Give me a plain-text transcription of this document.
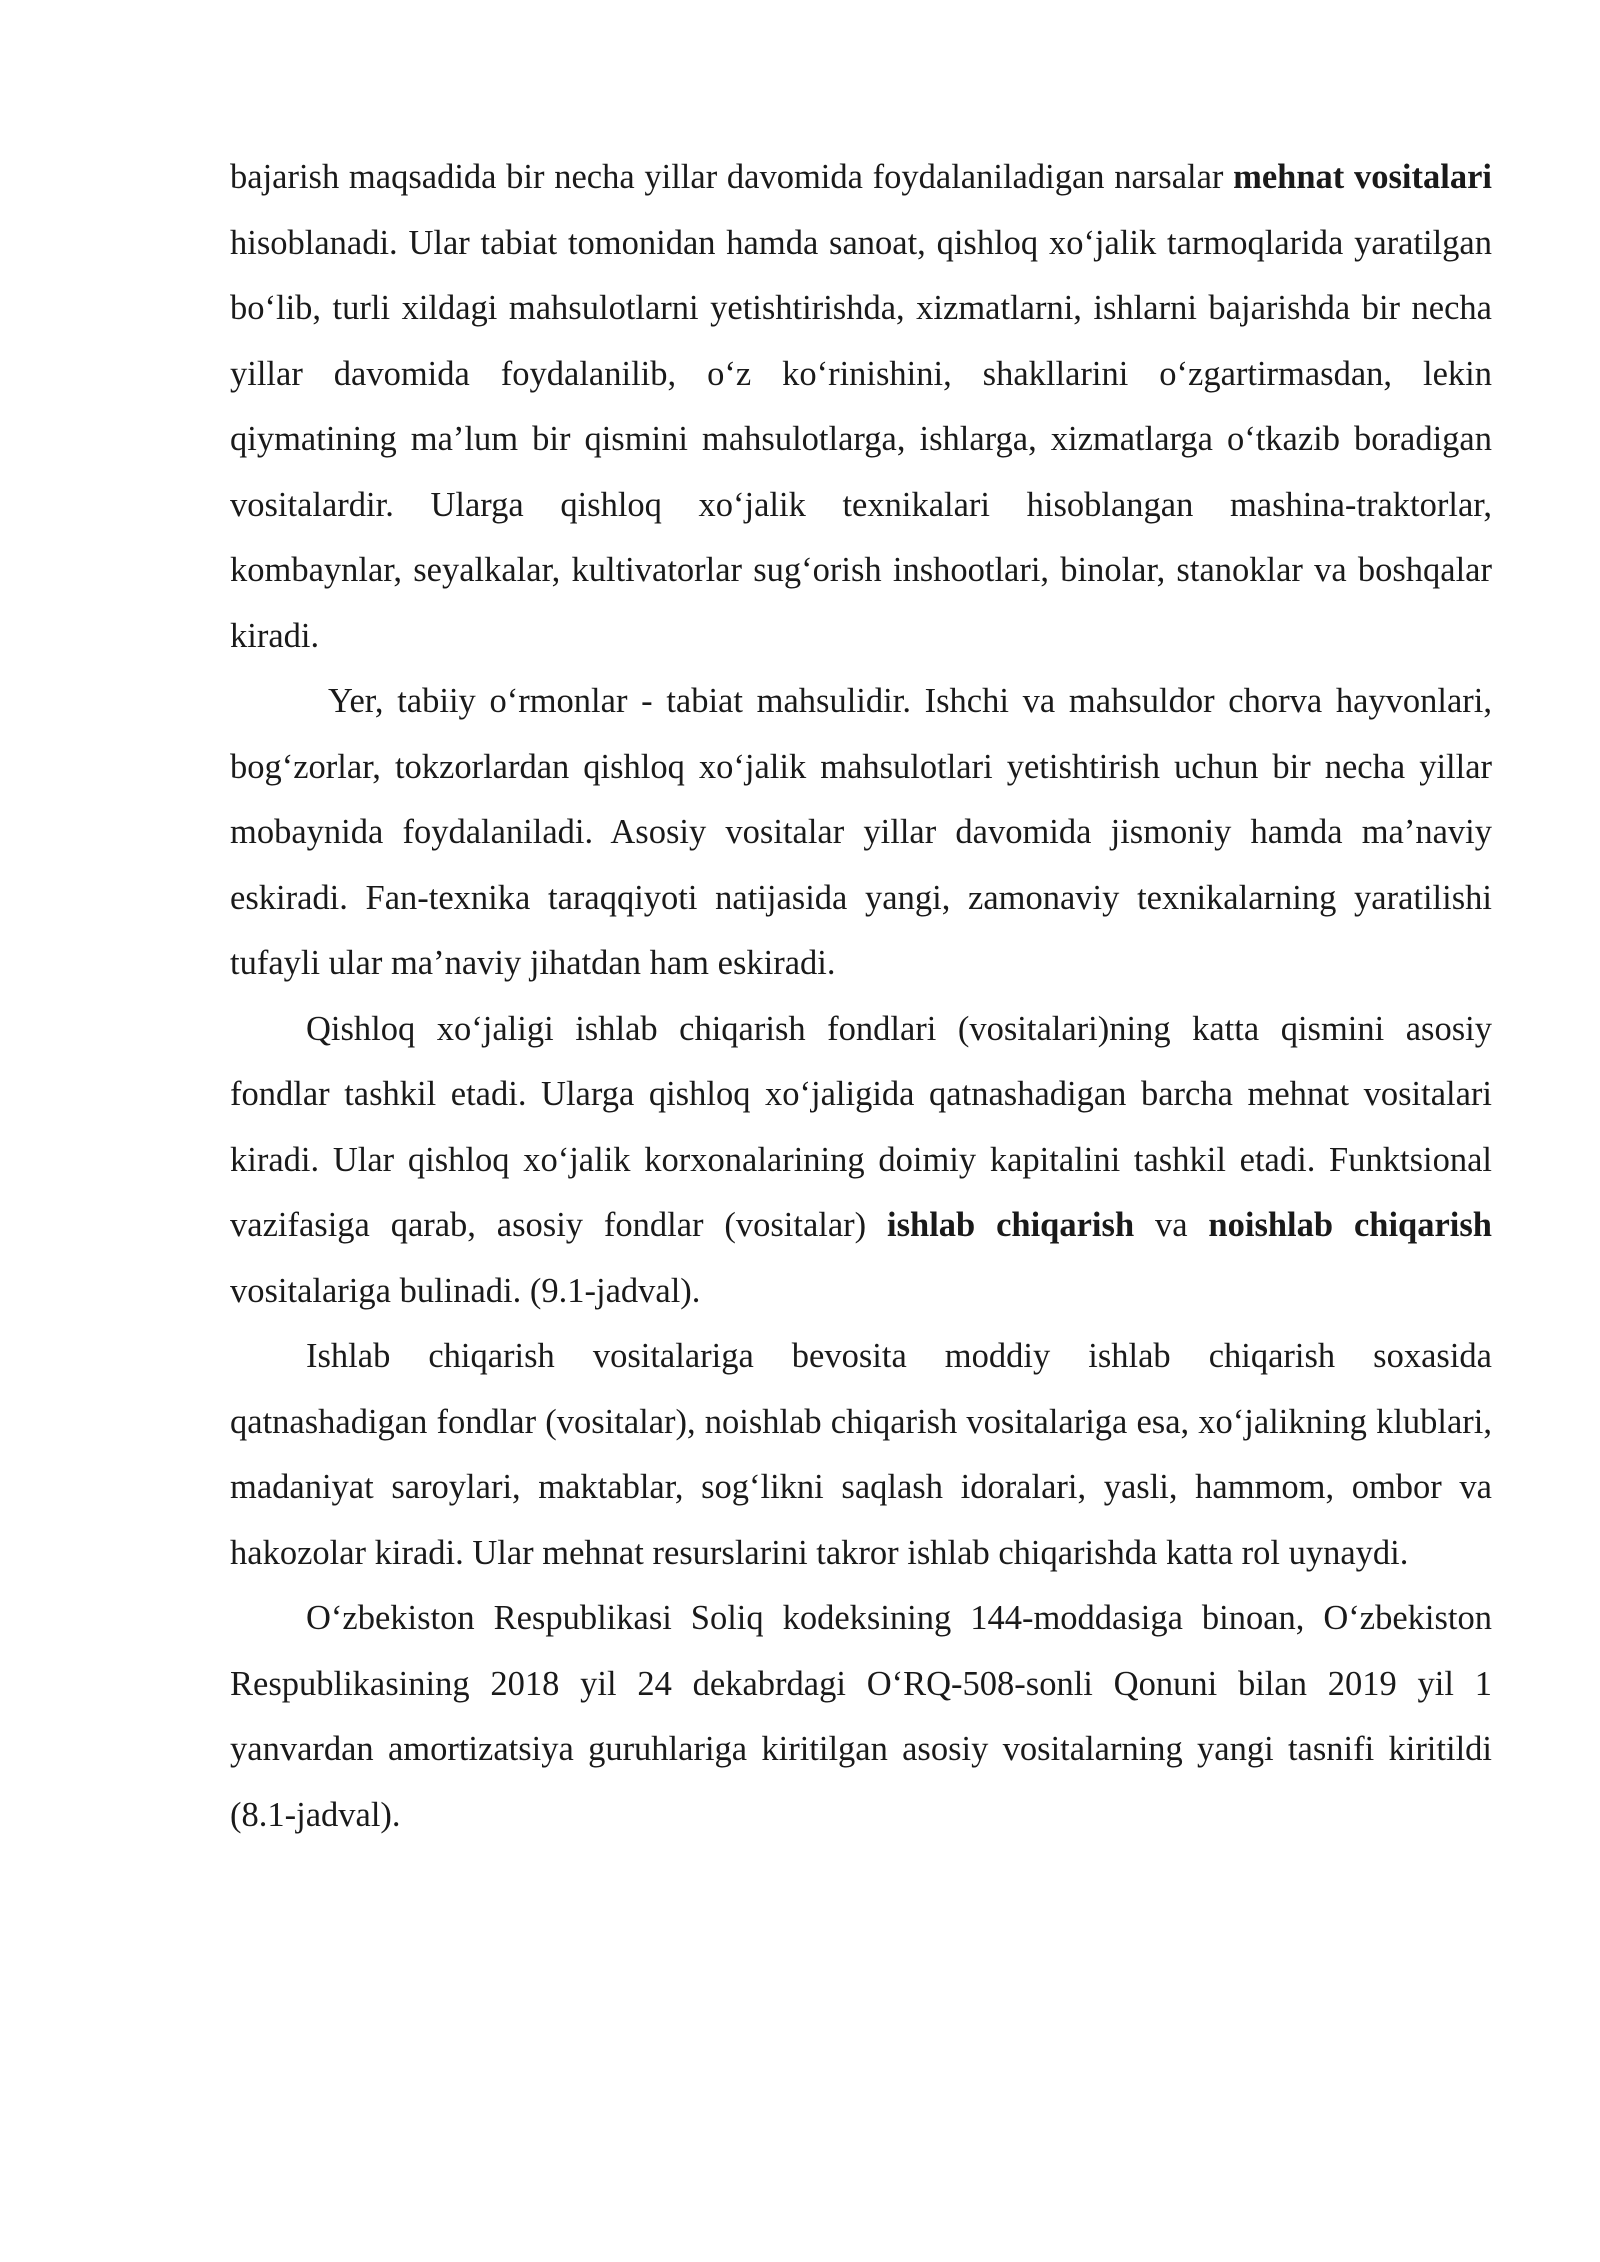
bajarish maqsadida bir necha yillar davomida foydalaniladigan narsalar mehnat vositalari hisoblanadi. Ular tabiat tomonidan hamda sanoat, qishloq xo‘jalik tarmoqlarida yaratilgan bo‘lib, turli xildagi mahsulotlarni yetishtirishda, xizmatlarni, ishlarni bajarishda bir necha yillar davomida foydalanilib, o‘z ko‘rinishini, shakllarini o‘zgartirmasdan, lekin qiymatining ma’lum bir qismini mahsulotlarga, ishlarga, xizmatlarga o‘tkazib boradigan vositalardir. Ularga qishloq xo‘jalik texnikalari hisoblangan mashina-traktorlar, kombaynlar, seyalkalar, kultivatorlar sug‘orish inshootlari, binolar, stanoklar va boshqalar kiradi.

Yer, tabiiy o‘rmonlar - tabiat mahsulidir. Ishchi va mahsuldor chorva hayvonlari, bog‘zorlar, tokzorlardan qishloq xo‘jalik mahsulotlari yetishtirish uchun bir necha yillar mobaynida foydalaniladi. Asosiy vositalar yillar davomida jismoniy hamda ma’naviy eskiradi. Fan-texnika taraqqiyoti natijasida yangi, zamonaviy texnikalarning yaratilishi tufayli ular ma’naviy jihatdan ham eskiradi.

Qishloq xo‘jaligi ishlab chiqarish fondlari (vositalari)ning katta qismini asosiy fondlar tashkil etadi. Ularga qishloq xo‘jaligida qatnashadigan barcha mehnat vositalari kiradi. Ular qishloq xo‘jalik korxonalarining doimiy kapitalini tashkil etadi. Funktsional vazifasiga qarab, asosiy fondlar (vositalar) ishlab chiqarish va noishlab chiqarish vositalariga bulinadi. (9.1-jadval).

Ishlab chiqarish vositalariga bevosita moddiy ishlab chiqarish soxasida qatnashadigan fondlar (vositalar), noishlab chiqarish vositalariga esa, xo‘jalikning klublari, madaniyat saroylari, maktablar, sog‘likni saqlash idoralari, yasli, hammom, ombor va hakozolar kiradi. Ular mehnat resurslarini takror ishlab chiqarishda katta rol uynaydi.

O‘zbekiston Respublikasi Soliq kodeksining 144-moddasiga binoan, O‘zbekiston Respublikasining 2018 yil 24 dekabrdagi O‘RQ-508-sonli Qonuni bilan 2019 yil 1 yanvardan amortizatsiya guruhlariga kiritilgan asosiy vositalarning yangi tasnifi kiritildi (8.1-jadval).
